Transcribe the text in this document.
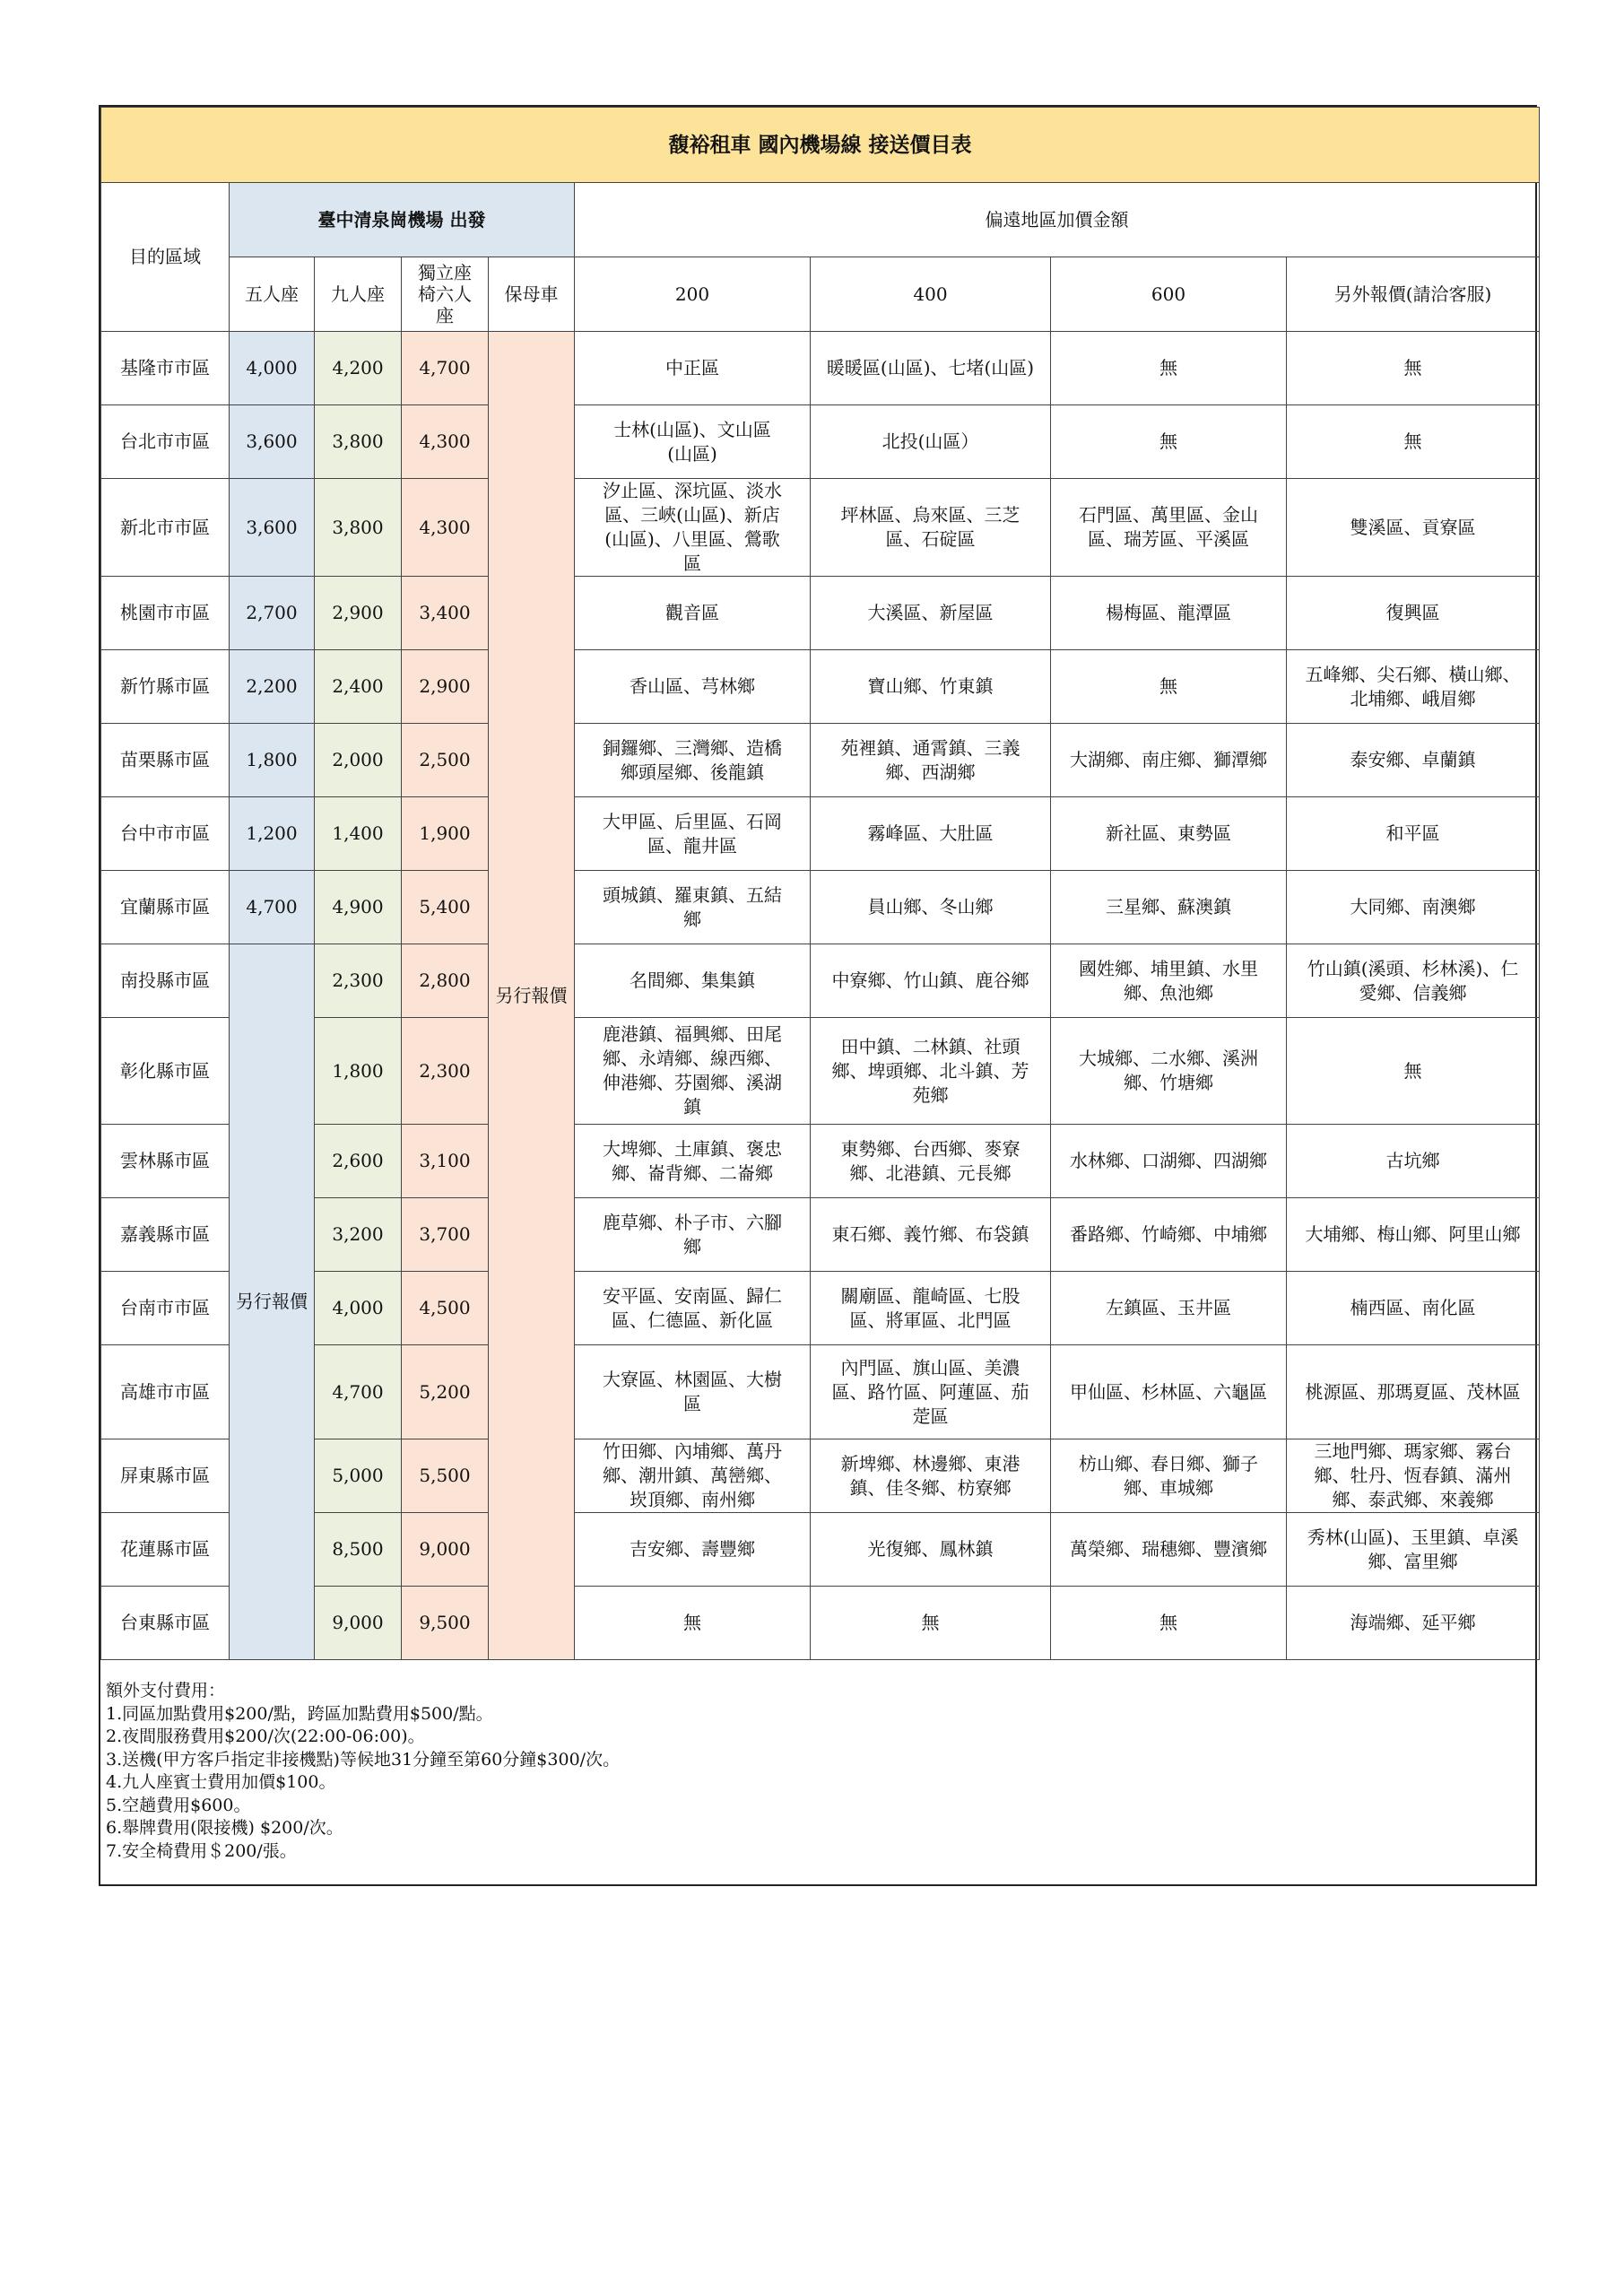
馥裕租車 國內機場線 接送價目表								
目的區域	臺中清泉崗機場 出發				偏遠地區加價金額			
	五人座	九人座	獨立座椅六人座	保母車	200	400	600	另外報價(請洽客服)
基隆市市區	4,000	4,200	4,700	另行報價	中正區	暖暖區(山區)、七堵(山區)	無	無
台北市市區	3,600	3,800	4,300		士林(山區)、文山區(山區)	北投(山區）	無	無
新北市市區	3,600	3,800	4,300		汐止區、深坑區、淡水區、三峽(山區)、新店(山區)、八里區、鶯歌區	坪林區、烏來區、三芝區、石碇區	石門區、萬里區、金山區、瑞芳區、平溪區	雙溪區、貢寮區
桃園市市區	2,700	2,900	3,400		觀音區	大溪區、新屋區	楊梅區、龍潭區	復興區
新竹縣市區	2,200	2,400	2,900		香山區、芎林鄉	寶山鄉、竹東鎮	無	五峰鄉、尖石鄉、橫山鄉、北埔鄉、峨眉鄉
苗栗縣市區	1,800	2,000	2,500		銅鑼鄉、三灣鄉、造橋鄉頭屋鄉、後龍鎮	苑裡鎮、通霄鎮、三義鄉、西湖鄉	大湖鄉、南庄鄉、獅潭鄉	泰安鄉、卓蘭鎮
台中市市區	1,200	1,400	1,900		大甲區、后里區、石岡區、龍井區	霧峰區、大肚區	新社區、東勢區	和平區
宜蘭縣市區	4,700	4,900	5,400		頭城鎮、羅東鎮、五結鄉	員山鄉、冬山鄉	三星鄉、蘇澳鎮	大同鄉、南澳鄉
南投縣市區	另行報價	2,300	2,800		名間鄉、集集鎮	中寮鄉、竹山鎮、鹿谷鄉	國姓鄉、埔里鎮、水里鄉、魚池鄉	竹山鎮(溪頭、杉林溪)、仁愛鄉、信義鄉
彰化縣市區		1,800	2,300		鹿港鎮、福興鄉、田尾鄉、永靖鄉、線西鄉、伸港鄉、芬園鄉、溪湖鎮	田中鎮、二林鎮、社頭鄉、埤頭鄉、北斗鎮、芳苑鄉	大城鄉、二水鄉、溪洲鄉、竹塘鄉	無
雲林縣市區		2,600	3,100		大埤鄉、土庫鎮、褒忠鄉、崙背鄉、二崙鄉	東勢鄉、台西鄉、麥寮鄉、北港鎮、元長鄉	水林鄉、口湖鄉、四湖鄉	古坑鄉
嘉義縣市區		3,200	3,700		鹿草鄉、朴子市、六腳鄉	東石鄉、義竹鄉、布袋鎮	番路鄉、竹崎鄉、中埔鄉	大埔鄉、梅山鄉、阿里山鄉
台南市市區		4,000	4,500		安平區、安南區、歸仁區、仁德區、新化區	關廟區、龍崎區、七股區、將軍區、北門區	左鎮區、玉井區	楠西區、南化區
高雄市市區		4,700	5,200		大寮區、林園區、大樹區	內門區、旗山區、美濃區、路竹區、阿蓮區、茄萣區	甲仙區、杉林區、六龜區	桃源區、那瑪夏區、茂林區
屏東縣市區		5,000	5,500		竹田鄉、內埔鄉、萬丹鄉、潮卅鎮、萬巒鄉、崁頂鄉、南州鄉	新埤鄉、林邊鄉、東港鎮、佳冬鄉、枋寮鄉	枋山鄉、春日鄉、獅子鄉、車城鄉	三地門鄉、瑪家鄉、霧台鄉、牡丹、恆春鎮、滿州鄉、泰武鄉、來義鄉
花蓮縣市區		8,500	9,000		吉安鄉、壽豐鄉	光復鄉、鳳林鎮	萬榮鄉、瑞穗鄉、豐濱鄉	秀林(山區)、玉里鎮、卓溪鄉、富里鄉
台東縣市區		9,000	9,500		無	無	無	海端鄉、延平鄉
額外支付費用：
1.同區加點費用$200/點，跨區加點費用$500/點。
2.夜間服務費用$200/次(22:00-06:00)。
3.送機(甲方客戶指定非接機點)等候地31分鐘至第60分鐘$300/次。
4.九人座賓士費用加價$100。
5.空趟費用$600。
6.舉牌費用(限接機) $200/次。
7.安全椅費用＄200/張。
